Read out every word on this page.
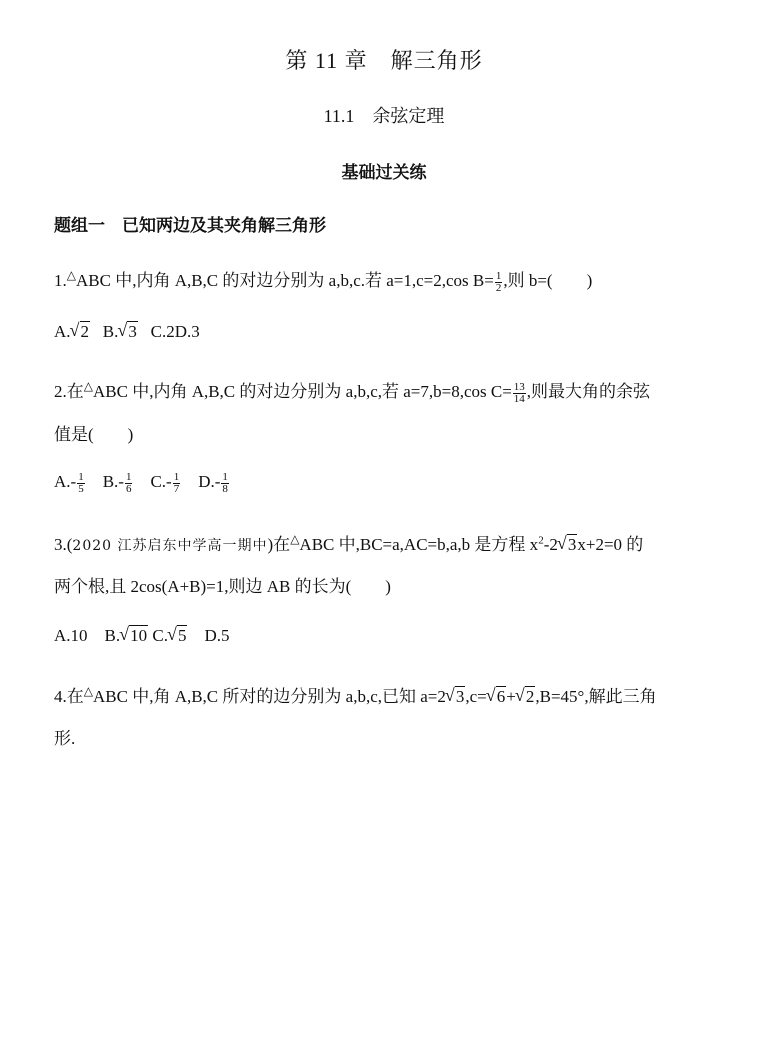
第 11 章　解三角形
11.1　余弦定理
基础过关练
题组一　已知两边及其夹角解三角形
1.△ABC 中,内角 A,B,C 的对边分别为 a,b,c.若 a=1,c=2,cos $B= \frac{1}{2}$ ,则 b=(　　)
A.√ 2 B.√ 3 C.2D.3
2.在△ABC 中,内角 A,B,C 的对边分别为 a,b,c,若 a=7,b=8,cos $C= \frac{13}{14}$ ,则最大角的余弦
值是(　　)
$A.- \frac{1}{5} B.- \frac{1}{6} C.- \frac{1}{7} D.- \frac{1}{8}$
3.(2020 江苏启东中学高一期中)在△ABC 中,BC=a,AC=b,a,b 是方程 $x^2-2√$ 3x+2=0 的
两个根,且 2cos(A+B)=1,则边 AB 的长为(　　)
A.10 B.√ 10 C.√ 5 D.5
4.在△ABC 中,角 A,B,C 所对的边分别为 a,b,c,已知 a=2√ 3,c=√ 6+√ 2,B=45°,解此三角
形.
